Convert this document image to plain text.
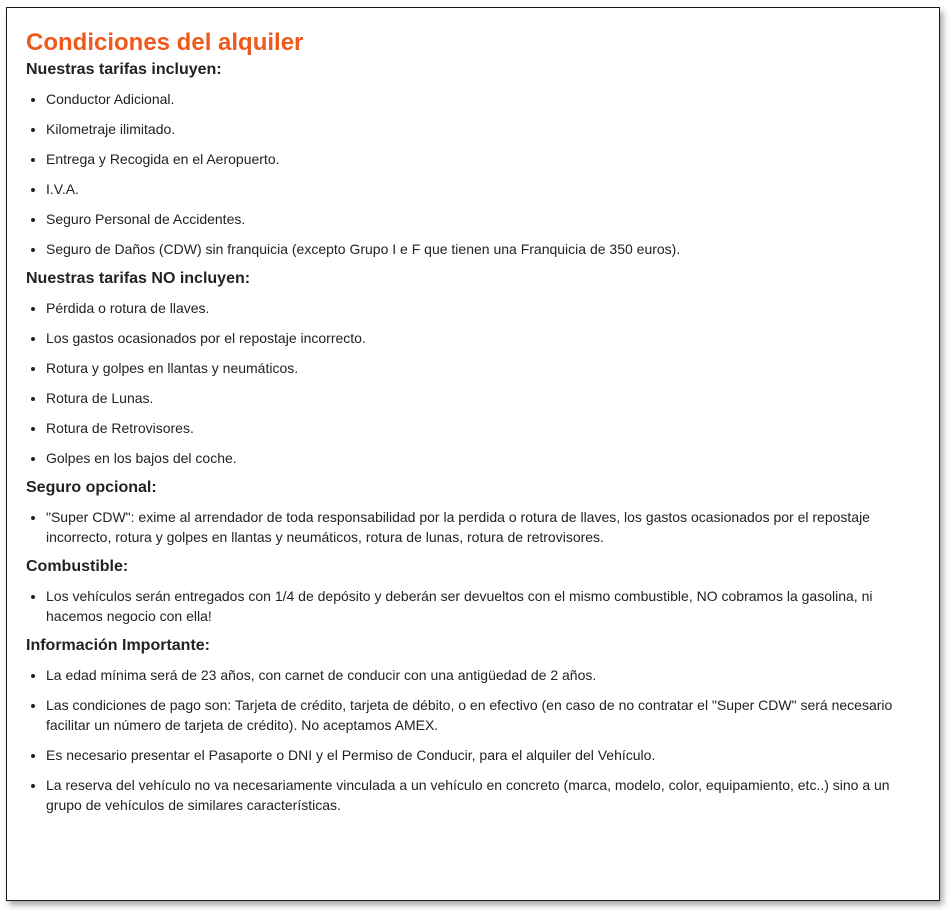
Condiciones del alquiler
Nuestras tarifas incluyen:
• Conductor Adicional.
• Kilometraje ilimitado.
• Entrega y Recogida en el Aeropuerto.
• I.V.A.
• Seguro Personal de Accidentes.
• Seguro de Daños (CDW) sin franquicia (excepto Grupo I e F que tienen una Franquicia de 350 euros).
Nuestras tarifas NO incluyen:
• Pérdida o rotura de llaves.
• Los gastos ocasionados por el repostaje incorrecto.
• Rotura y golpes en llantas y neumáticos.
• Rotura de Lunas.
• Rotura de Retrovisores.
• Golpes en los bajos del coche.
Seguro opcional:
• "Super CDW": exime al arrendador de toda responsabilidad por la perdida o rotura de llaves, los gastos ocasionados por el repostaje incorrecto, rotura y golpes en llantas y neumáticos, rotura de lunas, rotura de retrovisores.
Combustible:
• Los vehículos serán entregados con 1/4 de depósito y deberán ser devueltos con el mismo combustible, NO cobramos la gasolina, ni hacemos negocio con ella!
Información Importante:
• La edad mínima será de 23 años, con carnet de conducir con una antigüedad de 2 años.
• Las condiciones de pago son: Tarjeta de crédito, tarjeta de débito, o en efectivo (en caso de no contratar el "Super CDW" será necesario facilitar un número de tarjeta de crédito). No aceptamos AMEX.
• Es necesario presentar el Pasaporte o DNI y el Permiso de Conducir, para el alquiler del Vehículo.
• La reserva del vehículo no va necesariamente vinculada a un vehículo en concreto (marca, modelo, color, equipamiento, etc..) sino a un grupo de vehículos de similares características.
